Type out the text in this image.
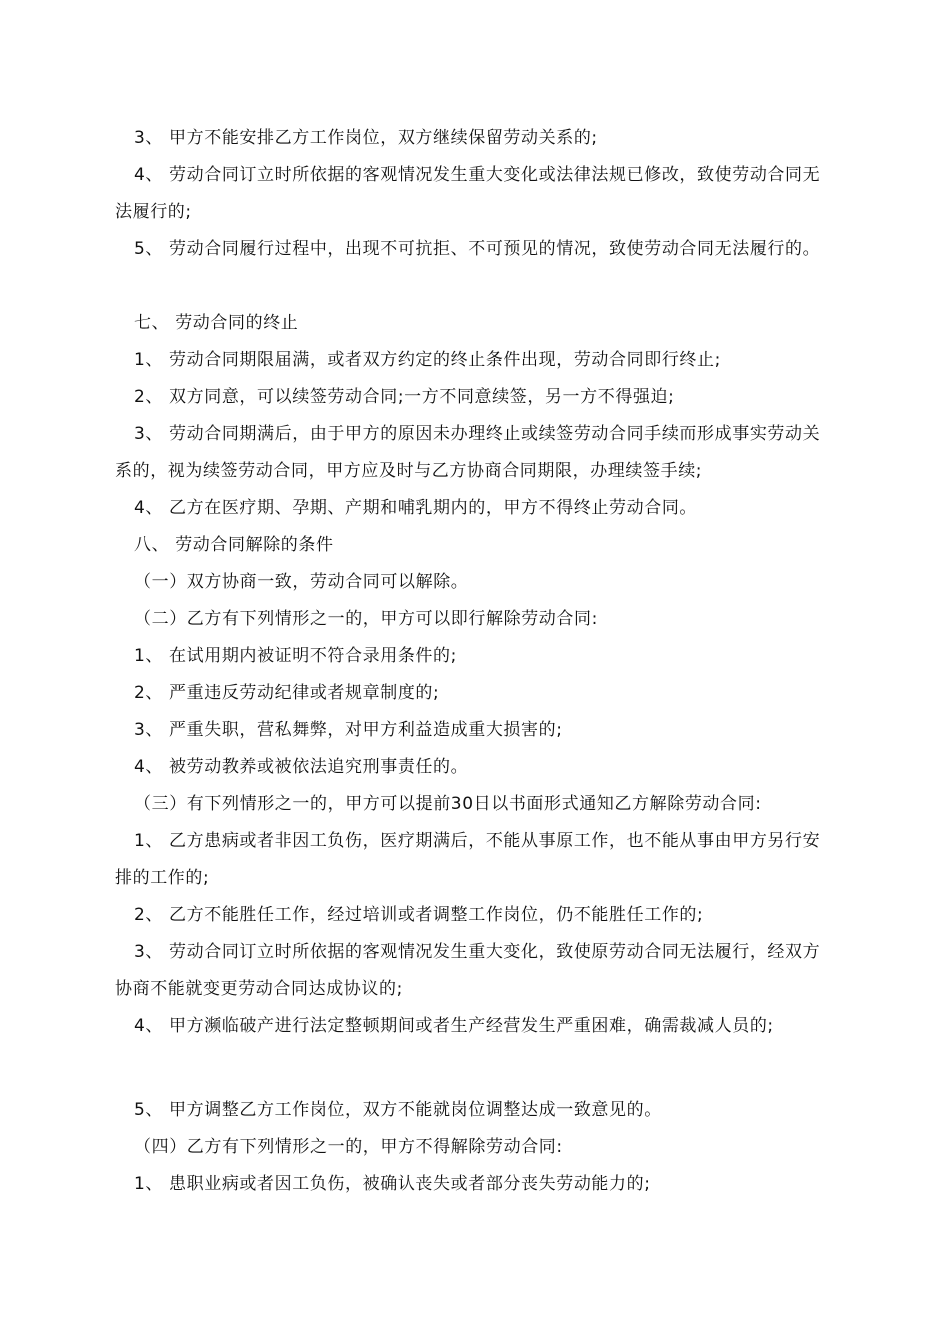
3、 甲方不能安排乙方工作岗位，双方继续保留劳动关系的;

4、 劳动合同订立时所依据的客观情况发生重大变化或法律法规已修改，致使劳动合同无法履行的;

5、 劳动合同履行过程中，出现不可抗拒、不可预见的情况，致使劳动合同无法履行的。

七、 劳动合同的终止

1、 劳动合同期限届满，或者双方约定的终止条件出现，劳动合同即行终止;

2、 双方同意，可以续签劳动合同;一方不同意续签，另一方不得强迫;

3、 劳动合同期满后，由于甲方的原因未办理终止或续签劳动合同手续而形成事实劳动关系的，视为续签劳动合同，甲方应及时与乙方协商合同期限，办理续签手续;

4、 乙方在医疗期、孕期、产期和哺乳期内的，甲方不得终止劳动合同。

八、 劳动合同解除的条件

（一）双方协商一致，劳动合同可以解除。

（二）乙方有下列情形之一的，甲方可以即行解除劳动合同:

1、 在试用期内被证明不符合录用条件的;

2、 严重违反劳动纪律或者规章制度的;

3、 严重失职，营私舞弊，对甲方利益造成重大损害的;

4、 被劳动教养或被依法追究刑事责任的。

（三）有下列情形之一的，甲方可以提前30日以书面形式通知乙方解除劳动合同:

1、 乙方患病或者非因工负伤，医疗期满后，不能从事原工作，也不能从事由甲方另行安排的工作的;

2、 乙方不能胜任工作，经过培训或者调整工作岗位，仍不能胜任工作的;

3、 劳动合同订立时所依据的客观情况发生重大变化，致使原劳动合同无法履行，经双方协商不能就变更劳动合同达成协议的;

4、 甲方濒临破产进行法定整顿期间或者生产经营发生严重困难，确需裁减人员的;

5、 甲方调整乙方工作岗位，双方不能就岗位调整达成一致意见的。

（四）乙方有下列情形之一的，甲方不得解除劳动合同:

1、 患职业病或者因工负伤，被确认丧失或者部分丧失劳动能力的;
